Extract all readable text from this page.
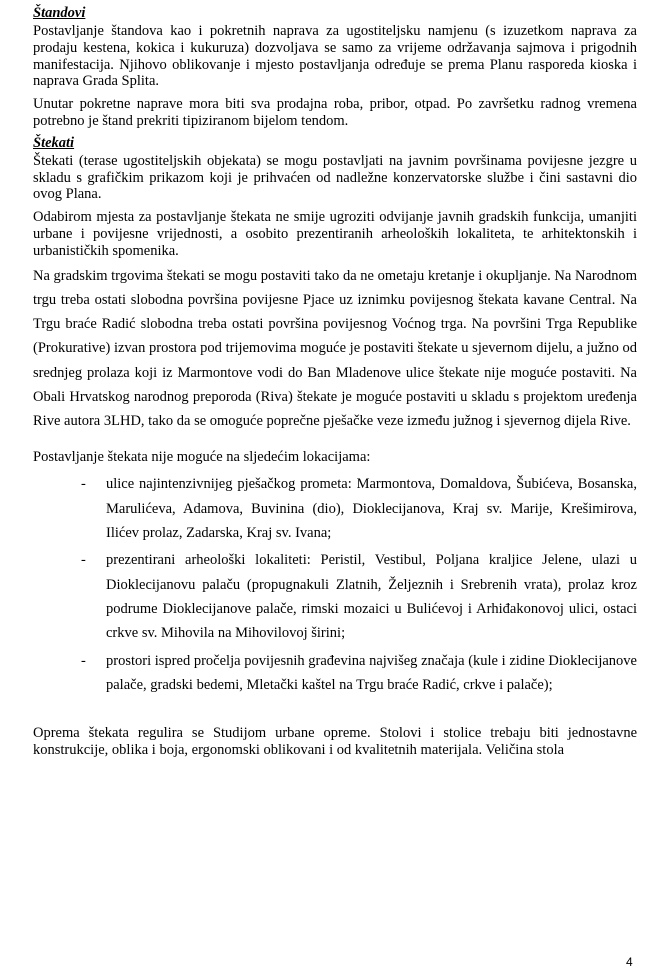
Štandovi

Postavljanje štandova kao i pokretnih naprava za ugostiteljsku namjenu (s izuzetkom naprava za prodaju kestena, kokica i kukuruza) dozvoljava se samo za vrijeme održavanja sajmova i prigodnih manifestacija. Njihovo oblikovanje i mjesto postavljanja određuje se prema Planu rasporeda kioska i naprava Grada Splita.

Unutar pokretne naprave mora biti sva prodajna roba, pribor, otpad. Po završetku radnog vremena potrebno je štand prekriti tipiziranom bijelom tendom.

Štekati

Štekati (terase ugostiteljskih objekata) se mogu postavljati na javnim površinama povijesne jezgre u skladu s grafičkim prikazom koji je prihvaćen od nadležne konzervatorske službe i čini sastavni dio ovog Plana.

Odabirom mjesta za postavljanje štekata ne smije ugroziti odvijanje javnih gradskih funkcija, umanjiti urbane i povijesne vrijednosti, a osobito prezentiranih arheoloških lokaliteta, te arhitektonskih i urbanističkih spomenika.

Na gradskim trgovima štekati se mogu postaviti tako da ne ometaju kretanje i okupljanje. Na Narodnom trgu treba ostati slobodna površina povijesne Pjace uz iznimku povijesnog štekata kavane Central. Na Trgu braće Radić slobodna treba ostati površina povijesnog Voćnog trga. Na površini Trga Republike (Prokurative) izvan prostora pod trijemovima moguće je postaviti štekate u sjevernom dijelu, a južno od srednjeg prolaza koji iz Marmontove vodi do Ban Mladenove ulice štekate nije moguće postaviti. Na Obali Hrvatskog narodnog preporoda (Riva) štekate je moguće postaviti u skladu s projektom uređenja Rive autora 3LHD, tako da se omoguće poprečne pješačke veze između južnog i sjevernog dijela Rive.

Postavljanje štekata nije moguće na sljedećim lokacijama:

- ulice najintenzivnijeg pješačkog prometa: Marmontova, Domaldova, Šubićeva, Bosanska, Marulićeva, Adamova, Buvinina (dio), Dioklecijanova, Kraj sv. Marije, Krešimirova, Ilićev prolaz, Zadarska, Kraj sv. Ivana;
- prezentirani arheološki lokaliteti: Peristil, Vestibul, Poljana kraljice Jelene, ulazi u Dioklecijanovu palaču (propugnakuli Zlatnih, Željeznih i Srebrenih vrata), prolaz kroz podrume Dioklecijanove palače, rimski mozaici u Bulićevoj i Arhiđakonovoj ulici, ostaci crkve sv. Mihovila na Mihovilovoj širini;
- prostori ispred pročelja povijesnih građevina najvišeg značaja (kule i zidine Dioklecijanove palače, gradski bedemi, Mletački kaštel na Trgu braće Radić, crkve i palače);

Oprema štekata regulira se Studijom urbane opreme. Stolovi i stolice trebaju biti jednostavne konstrukcije, oblika i boja, ergonomski oblikovani i od kvalitetnih materijala. Veličina stola

4
